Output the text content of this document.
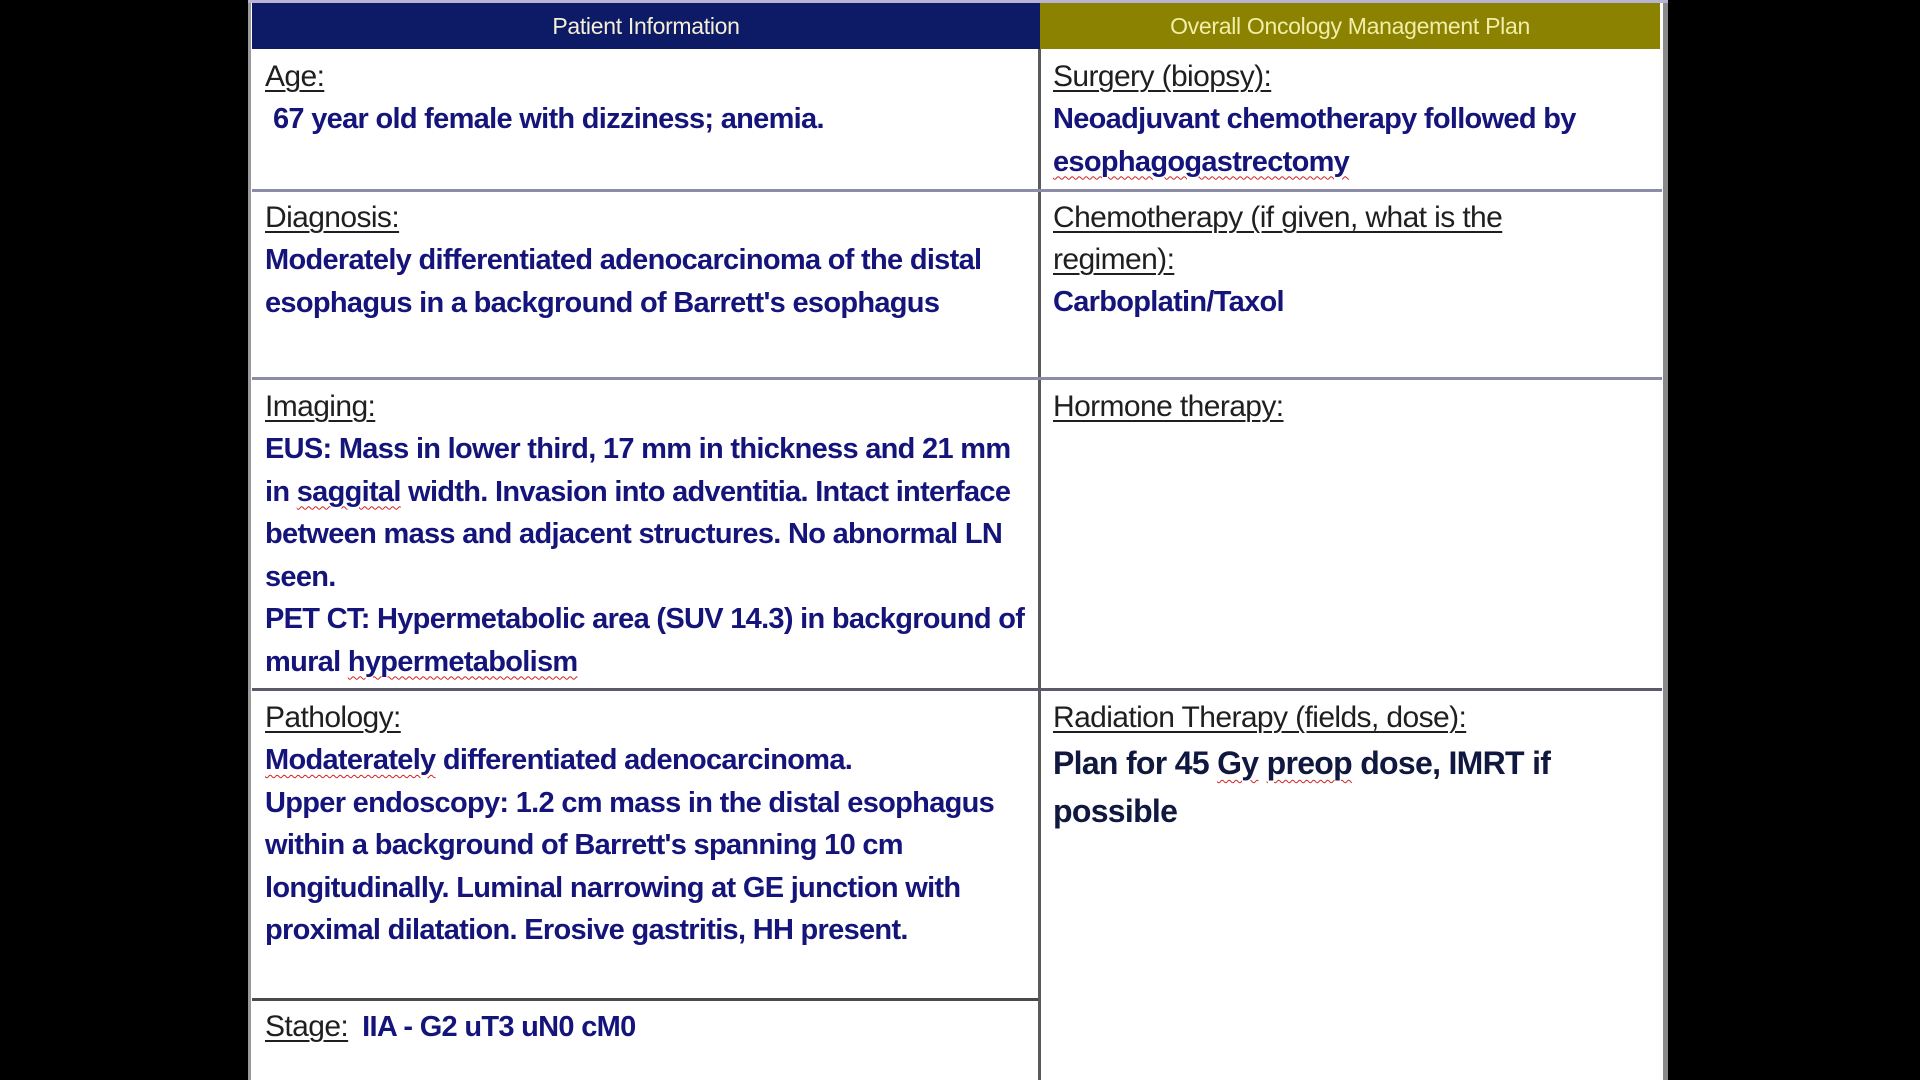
Patient Information	Overall Oncology Management Plan
Age:
67 year old female with dizziness; anemia.
Diagnosis:
Moderately differentiated adenocarcinoma of the distal esophagus in a background of Barrett's esophagus
Imaging:
EUS: Mass in lower third, 17 mm in thickness and 21 mm in saggital width. Invasion into adventitia. Intact interface between mass and adjacent structures. No abnormal LN seen.
PET CT: Hypermetabolic area (SUV 14.3) in background of mural hypermetabolism
Pathology:
Modaterately differentiated adenocarcinoma.
Upper endoscopy: 1.2 cm mass in the distal esophagus within a background of Barrett's spanning 10 cm longitudinally. Luminal narrowing at GE junction with proximal dilatation. Erosive gastritis, HH present.
Stage: IIA - G2 uT3 uN0 cM0
Surgery (biopsy):
Neoadjuvant chemotherapy followed by esophagogastrectomy
Chemotherapy (if given, what is the regimen):
Carboplatin/Taxol
Hormone therapy:
Radiation Therapy (fields, dose):
Plan for 45 Gy preop dose, IMRT if possible
